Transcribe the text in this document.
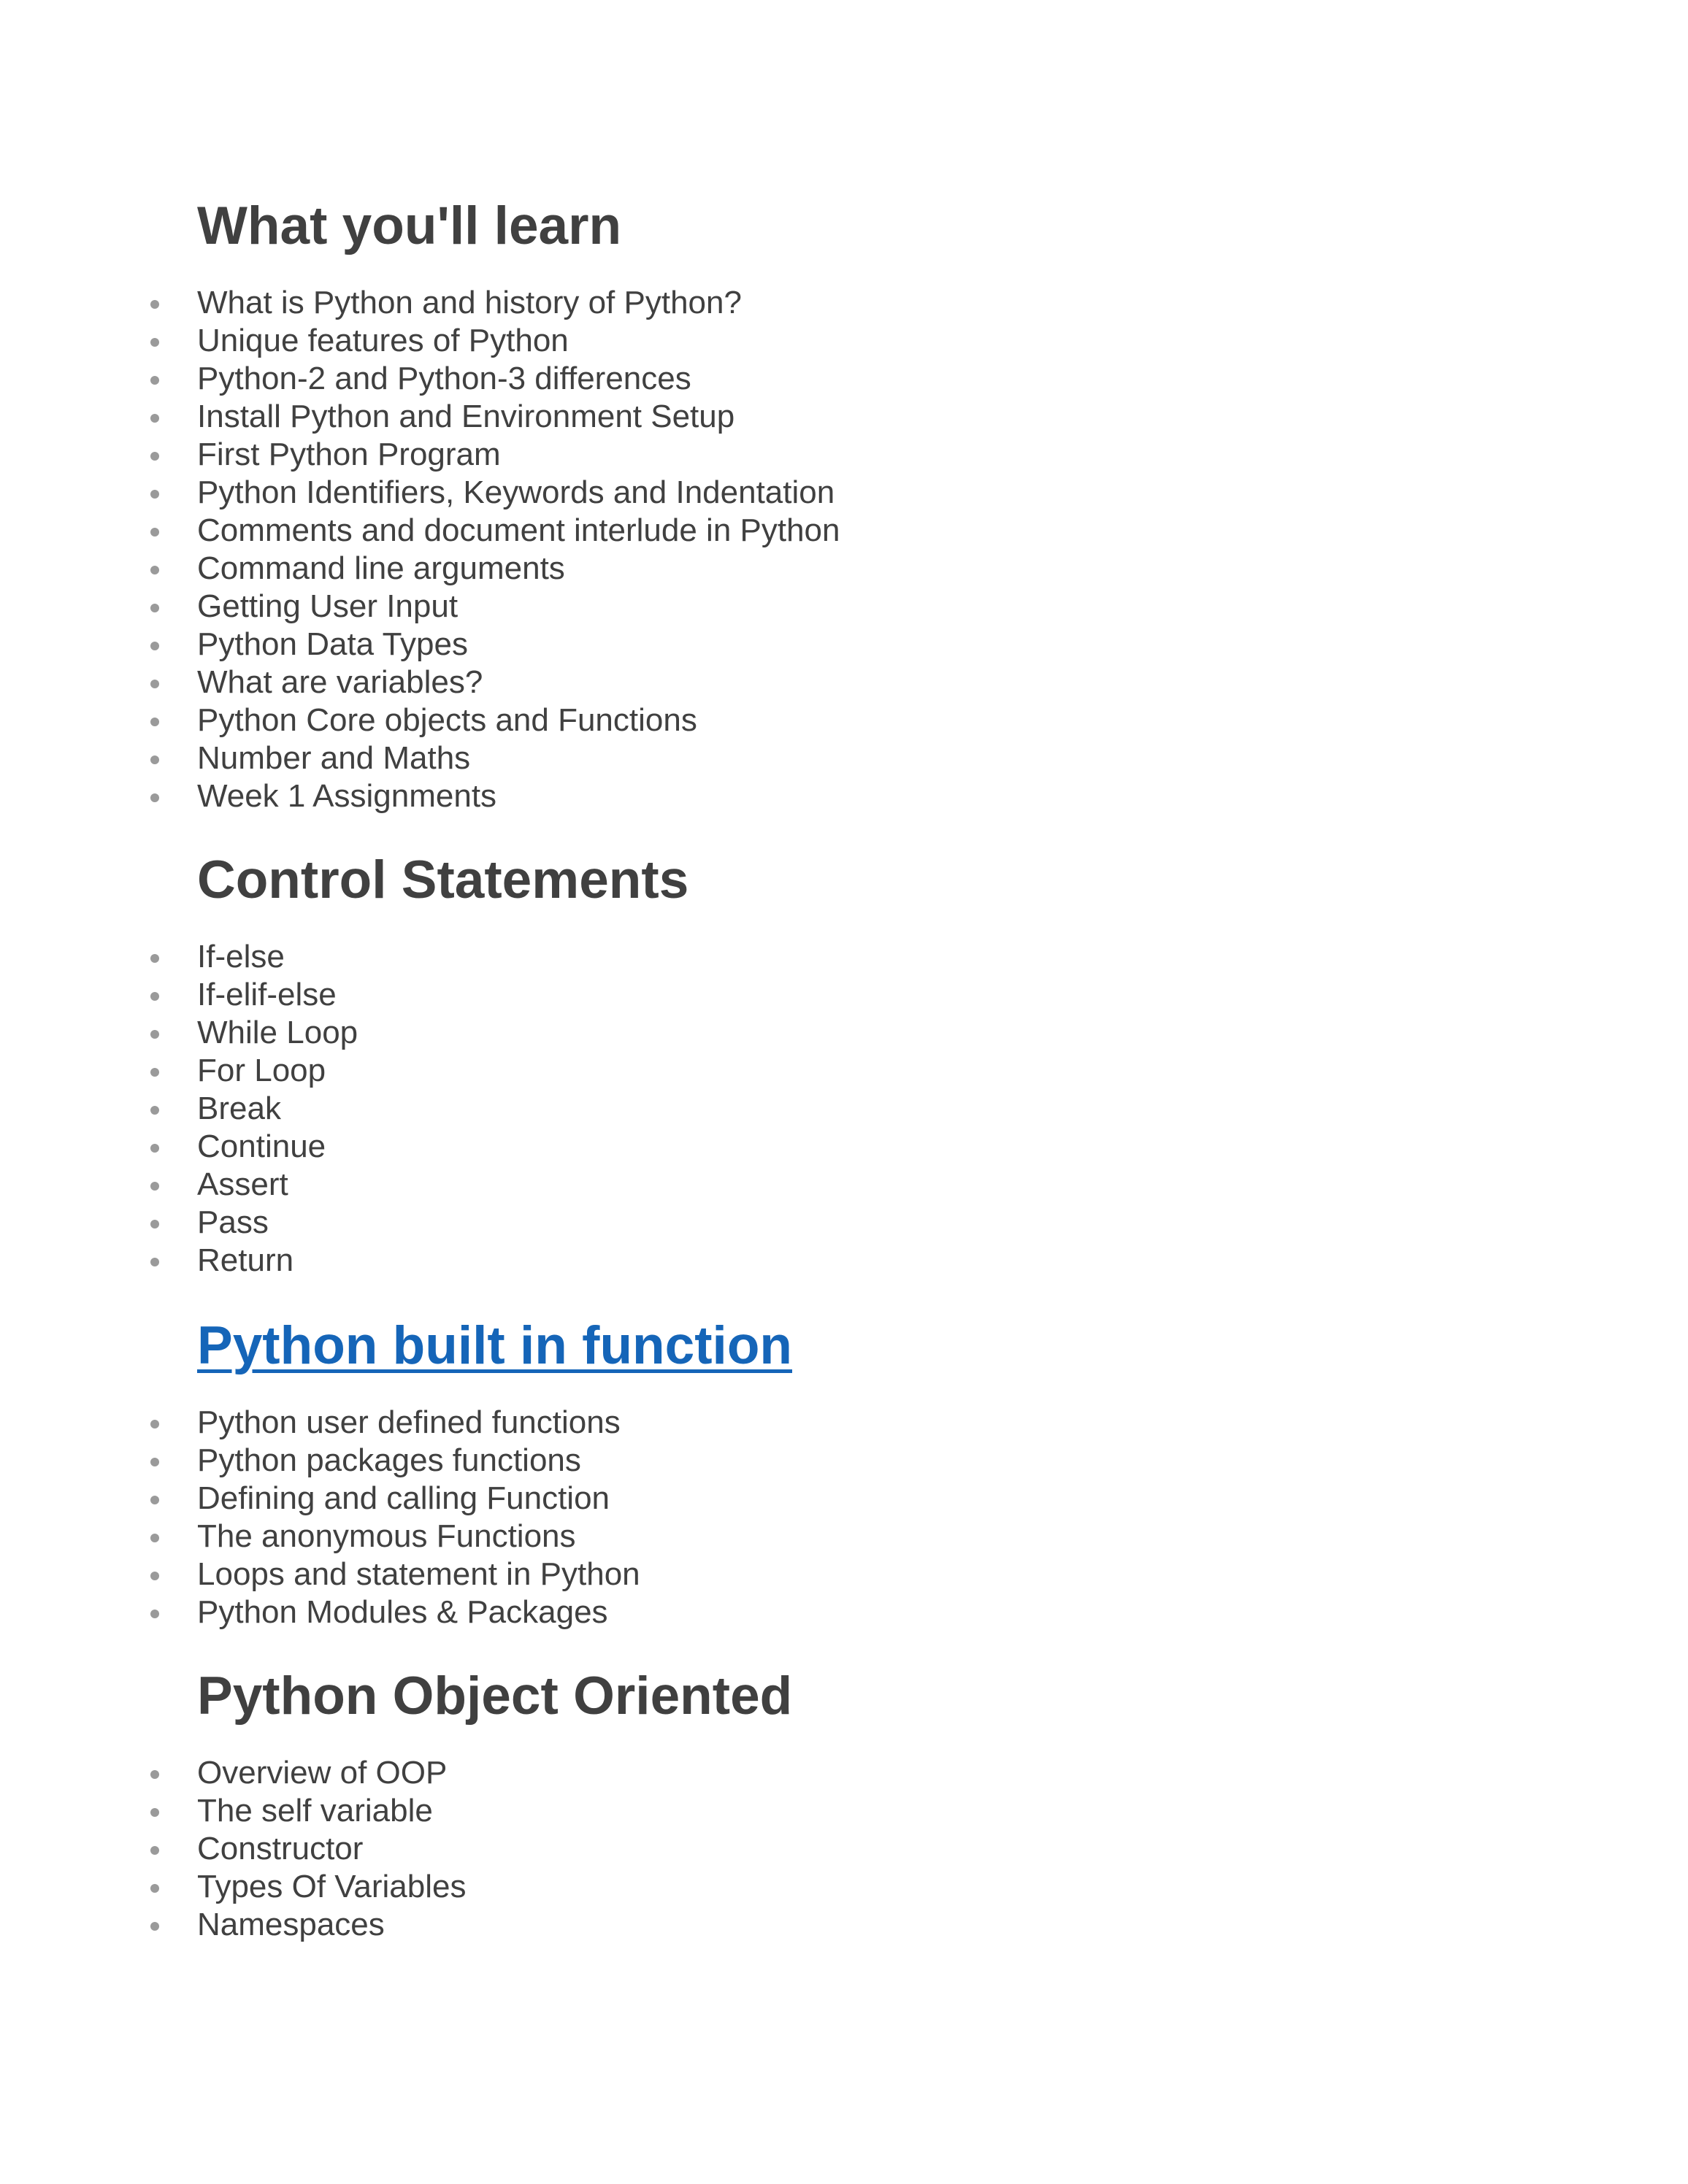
What you'll learn
What is Python and history of Python?
Unique features of Python
Python-2 and Python-3 differences
Install Python and Environment Setup
First Python Program
Python Identifiers, Keywords and Indentation
Comments and document interlude in Python
Command line arguments
Getting User Input
Python Data Types
What are variables?
Python Core objects and Functions
Number and Maths
Week 1 Assignments
Control Statements
If-else
If-elif-else
While Loop
For Loop
Break
Continue
Assert
Pass
Return
Python built in function
Python user defined functions
Python packages functions
Defining and calling Function
The anonymous Functions
Loops and statement in Python
Python Modules & Packages
Python Object Oriented
Overview of OOP
The self variable
Constructor
Types Of Variables
Namespaces
